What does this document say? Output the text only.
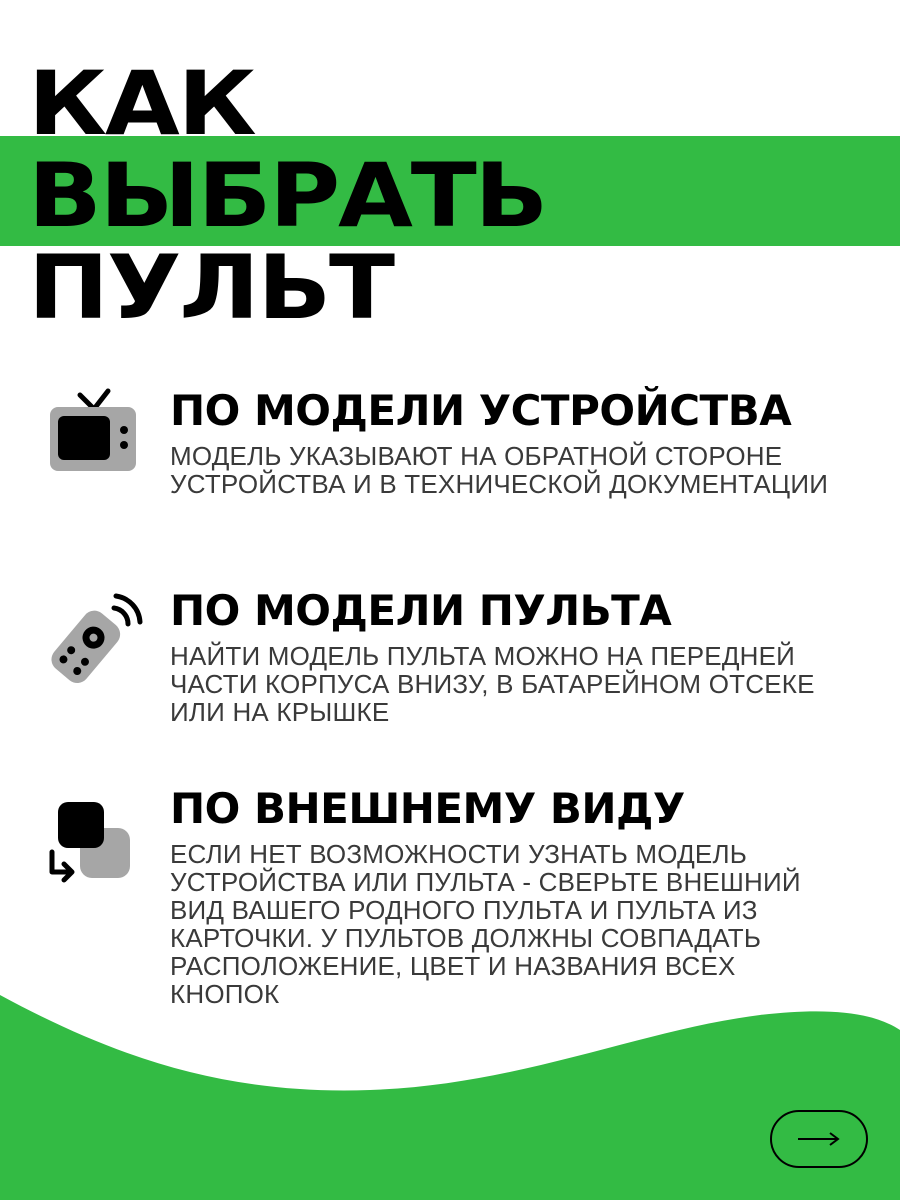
КАК
ВЫБРАТЬ
ПУЛЬТ
ПО МОДЕЛИ УСТРОЙСТВА

МОДЕЛЬ УКАЗЫВАЮТ НА ОБРАТНОЙ СТОРОНЕ УСТРОЙСТВА И В ТЕХНИЧЕСКОЙ ДОКУМЕНТАЦИИ

ПО МОДЕЛИ ПУЛЬТА

НАЙТИ МОДЕЛЬ ПУЛЬТА МОЖНО НА ПЕРЕДНЕЙ ЧАСТИ КОРПУСА ВНИЗУ, В БАТАРЕЙНОМ ОТСЕКЕ ИЛИ НА КРЫШКЕ

ПО ВНЕШНЕМУ ВИДУ

ЕСЛИ НЕТ ВОЗМОЖНОСТИ УЗНАТЬ МОДЕЛЬ УСТРОЙСТВА ИЛИ ПУЛЬТА - СВЕРЬТЕ ВНЕШНИЙ ВИД ВАШЕГО РОДНОГО ПУЛЬТА И ПУЛЬТА ИЗ КАРТОЧКИ. У ПУЛЬТОВ ДОЛЖНЫ СОВПАДАТЬ РАСПОЛОЖЕНИЕ, ЦВЕТ И НАЗВАНИЯ ВСЕХ КНОПОК
